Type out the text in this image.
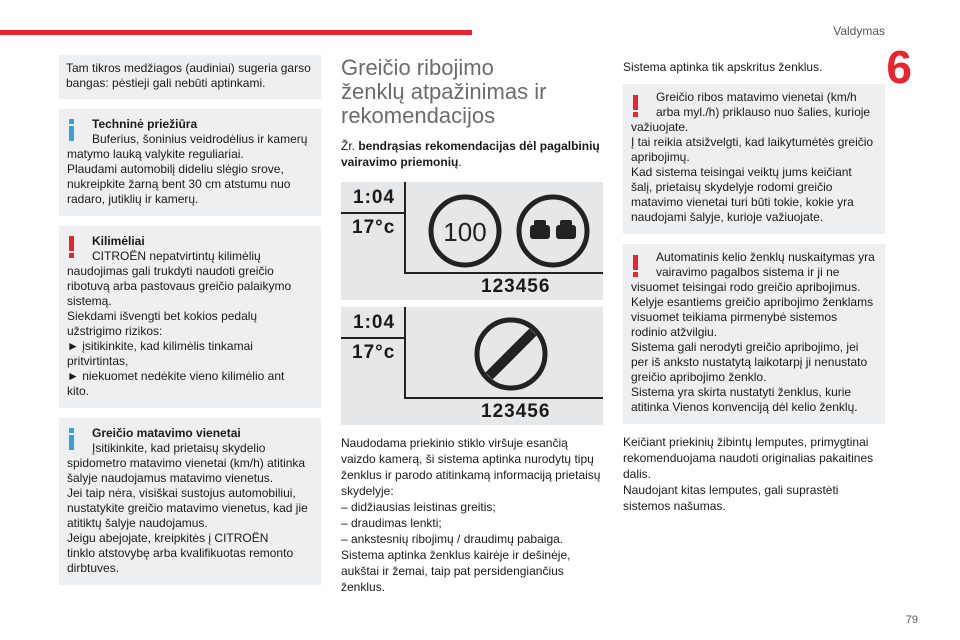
Valdymas
6
79
Tam tikros medžiagos (audiniai) sugeria garso
bangas: pėstieji gali nebūti aptinkami.
Techninė priežiūra
Buferius, šoninius veidrodėlius ir kamerų
matymo lauką valykite reguliariai.
Plaudami automobilį dideliu slėgio srove,
nukreipkite žarną bent 30 cm atstumu nuo
radaro, jutiklių ir kamerų.
Kilimėliai
CITROËN nepatvirtintų kilimėlių
naudojimas gali trukdyti naudoti greičio
ribotuvą arba pastovaus greičio palaikymo
sistemą.
Siekdami išvengti bet kokios pedalų
užstrigimo rizikos:
► įsitikinkite, kad kilimėlis tinkamai
pritvirtintas,
► niekuomet nedėkite vieno kilimėlio ant
kito.
Greičio matavimo vienetai
Įsitikinkite, kad prietaisų skydelio
spidometro matavimo vienetai (km/h) atitinka
šalyje naudojamus matavimo vienetus.
Jei taip nėra, visiškai sustojus automobiliui,
nustatykite greičio matavimo vienetus, kad jie
atitiktų šalyje naudojamus.
Jeigu abejojate, kreipkitės į CITROËN
tinklo atstovybę arba kvalifikuotas remonto
dirbtuves.
Greičio ribojimo
ženklų atpažinimas ir
rekomendacijos
Žr. bendrąsias rekomendacijas dėl pagalbinių
vairavimo priemonių.
1:04
17°c 100
123456
1:04
17°c
123456
Naudodama priekinio stiklo viršuje esančią
vaizdo kamerą, ši sistema aptinka nurodytų tipų
ženklus ir parodo atitinkamą informaciją prietaisų
skydelyje:
– didžiausias leistinas greitis;
– draudimas lenkti;
– ankstesnių ribojimų / draudimų pabaiga.
Sistema aptinka ženklus kairėje ir dešinėje,
aukštai ir žemai, taip pat persidengiančius
ženklus.
Sistema aptinka tik apskritus ženklus.
Greičio ribos matavimo vienetai (km/h
arba myl./h) priklauso nuo šalies, kurioje
važiuojate.
Į tai reikia atsižvelgti, kad laikytumėtės greičio
apribojimų.
Kad sistema teisingai veiktų jums keičiant
šalį, prietaisų skydelyje rodomi greičio
matavimo vienetai turi būti tokie, kokie yra
naudojami šalyje, kurioje važiuojate.
Automatinis kelio ženklų nuskaitymas yra
vairavimo pagalbos sistema ir ji ne
visuomet teisingai rodo greičio apribojimus.
Kelyje esantiems greičio apribojimo ženklams
visuomet teikiama pirmenybė sistemos
rodinio atžvilgiu.
Sistema gali nerodyti greičio apribojimo, jei
per iš anksto nustatytą laikotarpį ji nenustato
greičio apribojimo ženklo.
Sistema yra skirta nustatyti ženklus, kurie
atitinka Vienos konvenciją dėl kelio ženklų.
Keičiant priekinių žibintų lemputes, primygtinai
rekomenduojama naudoti originalias pakaitines
dalis.
Naudojant kitas lemputes, gali suprastėti
sistemos našumas.
